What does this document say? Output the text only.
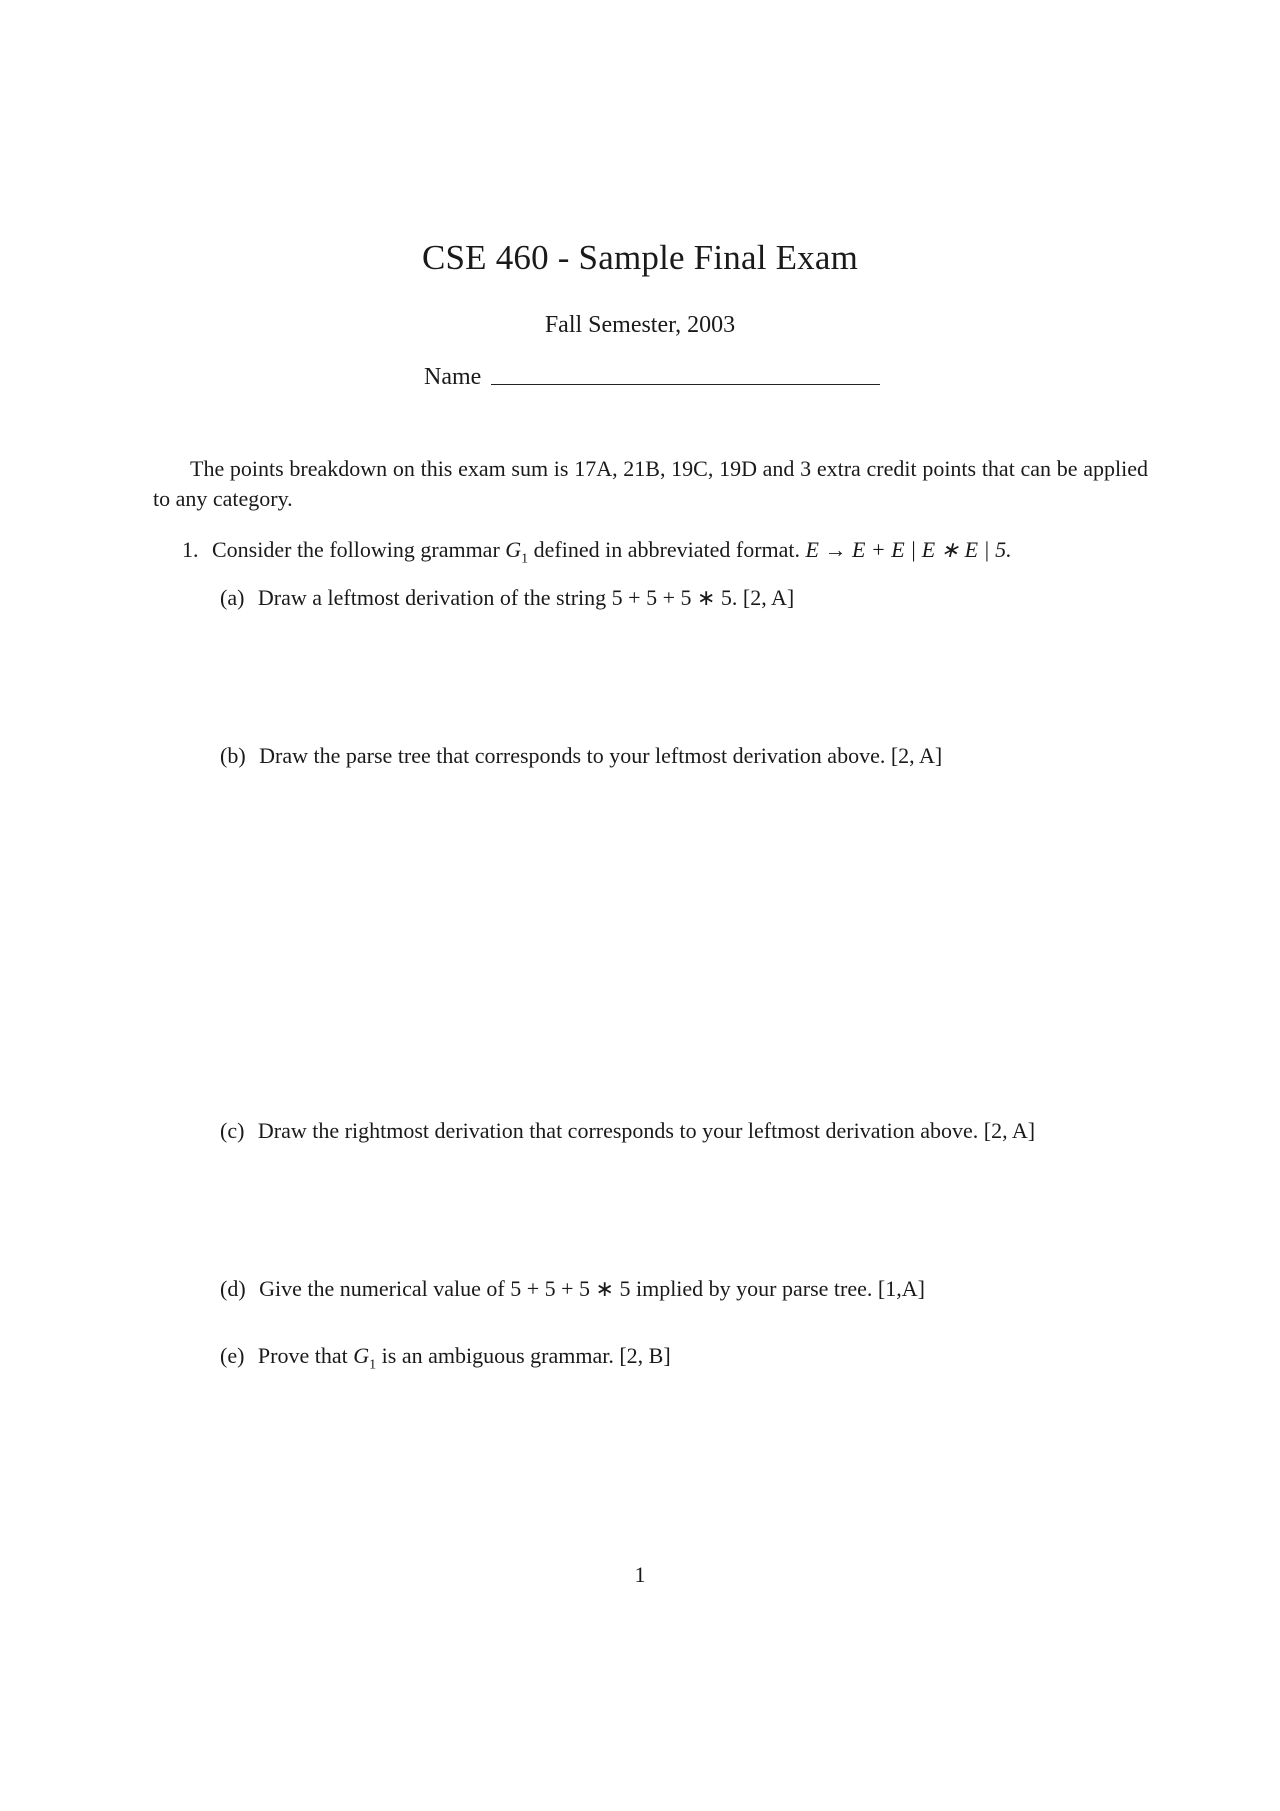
CSE 460 - Sample Final Exam
Fall Semester, 2003
Name
The points breakdown on this exam sum is 17A, 21B, 19C, 19D and 3 extra credit points that can be applied to any category.
1. Consider the following grammar $G_1$ defined in abbreviated format. E → E + E | E ∗ E | 5.
(a) Draw a leftmost derivation of the string 5 + 5 + 5 ∗ 5. [2, A]
(b) Draw the parse tree that corresponds to your leftmost derivation above. [2, A]
(c) Draw the rightmost derivation that corresponds to your leftmost derivation above. [2, A]
(d) Give the numerical value of 5 + 5 + 5 ∗ 5 implied by your parse tree. [1,A]
(e) Prove that $G_1$ is an ambiguous grammar. [2, B]
1
